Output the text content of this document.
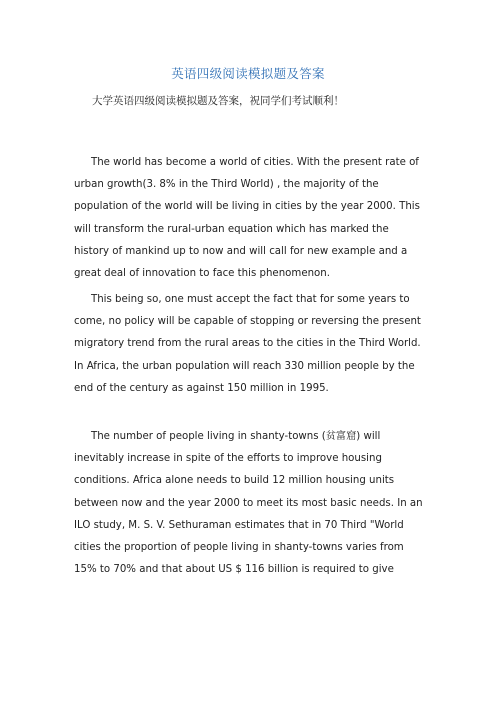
英语四级阅读模拟题及答案
大学英语四级阅读模拟题及答案，祝同学们考试顺利！

The world has become a world of cities. With the present rate of
urban growth(3. 8% in the Third World) , the majority of the
population of the world will be living in cities by the year 2000. This
will transform the rural-urban equation which has marked the
history of mankind up to now and will call for new example and a
great deal of innovation to face this phenomenon.

This being so, one must accept the fact that for some years to
come, no policy will be capable of stopping or reversing the present
migratory trend from the rural areas to the cities in the Third World.
In Africa, the urban population will reach 330 million people by the
end of the century as against 150 million in 1995.

The number of people living in shanty-towns (贫富窟) will
inevitably increase in spite of the efforts to improve housing
conditions. Africa alone needs to build 12 million housing units
between now and the year 2000 to meet its most basic needs. In an
ILO study, M. S. V. Sethuraman estimates that in 70 Third "World
cities the proportion of people living in shanty-towns varies from
15% to 70% and that about US $ 116 billion is required to give
